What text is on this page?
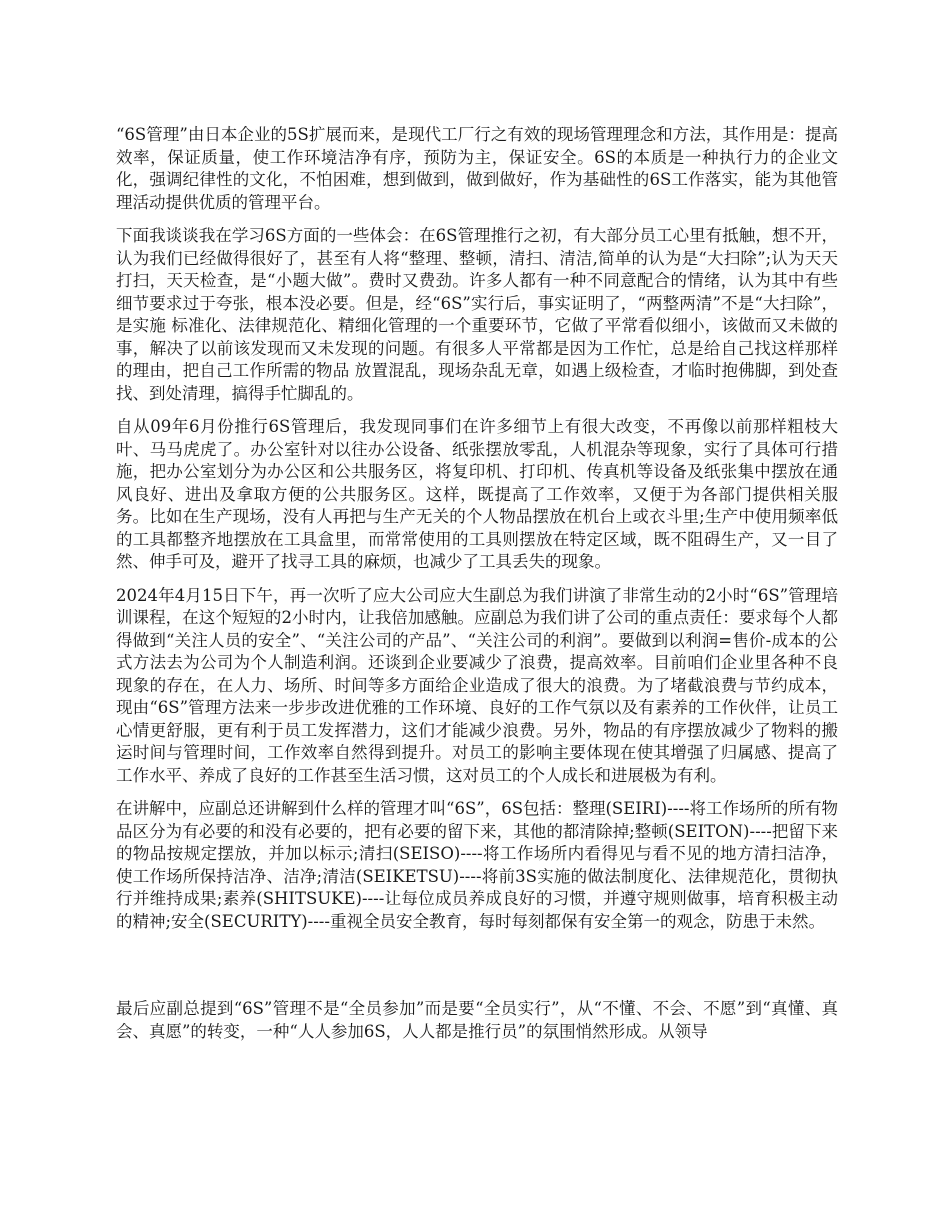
“6S管理”由日本企业的5S扩展而来，是现代工厂行之有效的现场管理理念和方法，其作用是：提高效率，保证质量，使工作环境洁净有序，预防为主，保证安全。6S的本质是一种执行力的企业文化，强调纪律性的文化，不怕困难，想到做到，做到做好，作为基础性的6S工作落实，能为其他管理活动提供优质的管理平台。

下面我谈谈我在学习6S方面的一些体会：在6S管理推行之初，有大部分员工心里有抵触，想不开，认为我们已经做得很好了，甚至有人将“整理、整顿，清扫、清洁,简单的认为是“大扫除”;认为天天打扫，天天检查，是“小题大做”。费时又费劲。许多人都有一种不同意配合的情绪，认为其中有些细节要求过于夸张，根本没必要。但是，经“6S”实行后，事实证明了，“两整两清”不是“大扫除”，是实施 标准化、法律规范化、精细化管理的一个重要环节，它做了平常看似细小，该做而又未做的事，解决了以前该发现而又未发现的问题。有很多人平常都是因为工作忙，总是给自己找这样那样的理由，把自己工作所需的物品 放置混乱，现场杂乱无章，如遇上级检查，才临时抱佛脚，到处查找、到处清理，搞得手忙脚乱的。

自从09年6月份推行6S管理后，我发现同事们在许多细节上有很大改变，不再像以前那样粗枝大叶、马马虎虎了。办公室针对以往办公设备、纸张摆放零乱，人机混杂等现象，实行了具体可行措施，把办公室划分为办公区和公共服务区，将复印机、打印机、传真机等设备及纸张集中摆放在通风良好、进出及拿取方便的公共服务区。这样，既提高了工作效率，又便于为各部门提供相关服务。比如在生产现场，没有人再把与生产无关的个人物品摆放在机台上或衣斗里;生产中使用频率低的工具都整齐地摆放在工具盒里，而常常使用的工具则摆放在特定区域，既不阻碍生产，又一目了然、伸手可及，避开了找寻工具的麻烦，也减少了工具丢失的现象。

2024年4月15日下午，再一次听了应大公司应大生副总为我们讲演了非常生动的2小时“6S”管理培训课程，在这个短短的2小时内，让我倍加感触。应副总为我们讲了公司的重点责任：要求每个人都得做到“关注人员的安全”、“关注公司的产品”、“关注公司的利润”。要做到以利润=售价-成本的公式方法去为公司为个人制造利润。还谈到企业要减少了浪费，提高效率。目前咱们企业里各种不良现象的存在，在人力、场所、时间等多方面给企业造成了很大的浪费。为了堵截浪费与节约成本，现由“6S”管理方法来一步步改进优雅的工作环境、良好的工作气氛以及有素养的工作伙伴，让员工心情更舒服，更有利于员工发挥潜力，这们才能减少浪费。另外，物品的有序摆放减少了物料的搬运时间与管理时间，工作效率自然得到提升。对员工的影响主要体现在使其增强了归属感、提高了工作水平、养成了良好的工作甚至生活习惯，这对员工的个人成长和进展极为有利。

在讲解中，应副总还讲解到什么样的管理才叫“6S”，6S包括：整理(SEIRI)----将工作场所的所有物品区分为有必要的和没有必要的，把有必要的留下来，其他的都清除掉;整顿(SEITON)----把留下来的物品按规定摆放，并加以标示;清扫(SEISO)----将工作场所内看得见与看不见的地方清扫洁净，使工作场所保持洁净、洁净;清洁(SEIKETSU)----将前3S实施的做法制度化、法律规范化，贯彻执行并维持成果;素养(SHITSUKE)----让每位成员养成良好的习惯，并遵守规则做事，培育积极主动的精神;安全(SECURITY)----重视全员安全教育，每时每刻都保有安全第一的观念，防患于未然。

最后应副总提到“6S”管理不是“全员参加”而是要“全员实行”，从“不懂、不会、不愿”到“真懂、真会、真愿”的转变，一种“人人参加6S，人人都是推行员”的氛围悄然形成。从领导
